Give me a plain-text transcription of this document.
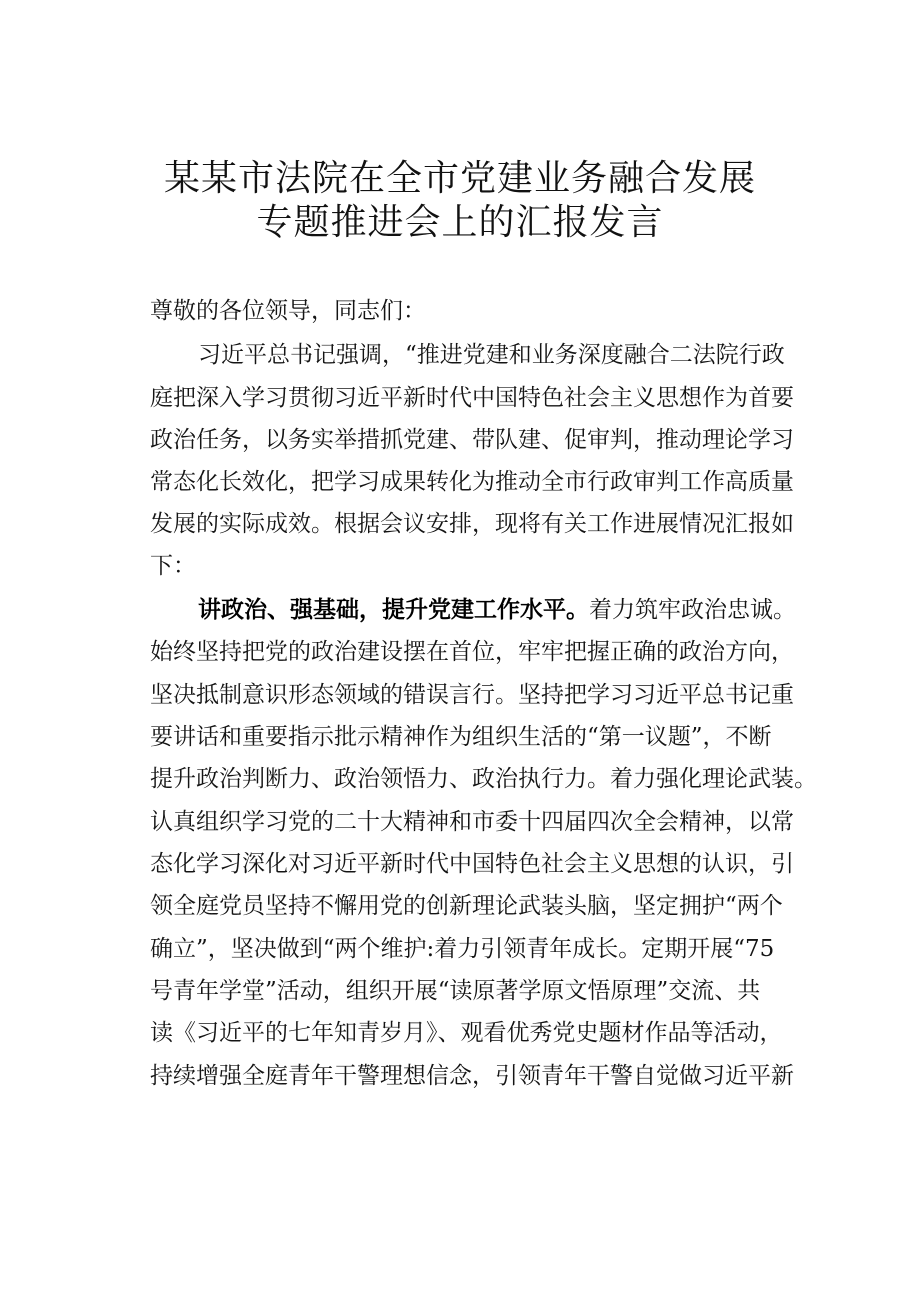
某某市法院在全市党建业务融合发展
专题推进会上的汇报发言
尊敬的各位领导，同志们：
习近平总书记强调，“推进党建和业务深度融合二法院行政
庭把深入学习贯彻习近平新时代中国特色社会主义思想作为首要
政治任务，以务实举措抓党建、带队建、促审判，推动理论学习
常态化长效化，把学习成果转化为推动全市行政审判工作高质量
发展的实际成效。根据会议安排，现将有关工作进展情况汇报如
下：
讲政治、强基础，提升党建工作水平。着力筑牢政治忠诚。
始终坚持把党的政治建设摆在首位，牢牢把握正确的政治方向，
坚决抵制意识形态领域的错误言行。坚持把学习习近平总书记重
要讲话和重要指示批示精神作为组织生活的“第一议题”，不断
提升政治判断力、政治领悟力、政治执行力。着力强化理论武装。
认真组织学习党的二十大精神和市委十四届四次全会精神，以常
态化学习深化对习近平新时代中国特色社会主义思想的认识，引
领全庭党员坚持不懈用党的创新理论武装头脑，坚定拥护“两个
确立”，坚决做到“两个维护:着力引领青年成长。定期开展“75
号青年学堂”活动，组织开展“读原著学原文悟原理”交流、共
读《习近平的七年知青岁月》、观看优秀党史题材作品等活动，
持续增强全庭青年干警理想信念，引领青年干警自觉做习近平新
